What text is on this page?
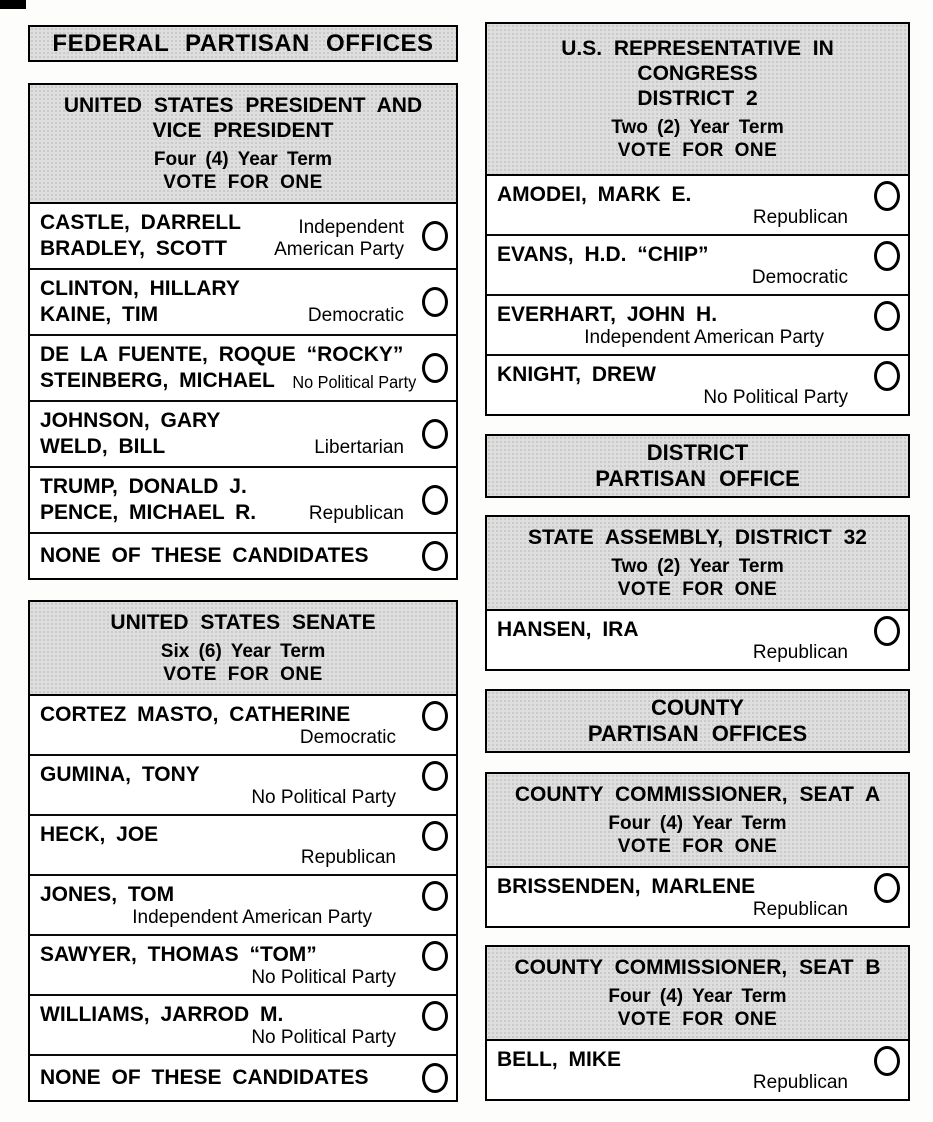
FEDERAL PARTISAN OFFICES
UNITED STATES PRESIDENT AND
VICE PRESIDENT
Four (4) Year Term
VOTE FOR ONE
CASTLE, DARRELL
BRADLEY, SCOTT
Independent
American Party
CLINTON, HILLARY
KAINE, TIM	Democratic
DE LA FUENTE, ROQUE “ROCKY”
STEINBERG, MICHAEL No Political Party
JOHNSON, GARY
WELD, BILL	Libertarian
TRUMP, DONALD J.
PENCE, MICHAEL R.	Republican
NONE OF THESE CANDIDATES
UNITED STATES SENATE
Six (6) Year Term
VOTE FOR ONE
CORTEZ MASTO, CATHERINE
Democratic
GUMINA, TONY
No Political Party
HECK, JOE
Republican
JONES, TOM
Independent American Party
SAWYER, THOMAS “TOM”
No Political Party
WILLIAMS, JARROD M.
No Political Party
NONE OF THESE CANDIDATES
U.S. REPRESENTATIVE IN
CONGRESS
DISTRICT 2
Two (2) Year Term
VOTE FOR ONE
AMODEI, MARK E.
Republican
EVANS, H.D. “CHIP”
Democratic
EVERHART, JOHN H.
Independent American Party
KNIGHT, DREW
No Political Party
DISTRICT
PARTISAN OFFICE
STATE ASSEMBLY, DISTRICT 32
Two (2) Year Term
VOTE FOR ONE
HANSEN, IRA
Republican
COUNTY
PARTISAN OFFICES
COUNTY COMMISSIONER, SEAT A
Four (4) Year Term
VOTE FOR ONE
BRISSENDEN, MARLENE
Republican
COUNTY COMMISSIONER, SEAT B
Four (4) Year Term
VOTE FOR ONE
BELL, MIKE
Republican
